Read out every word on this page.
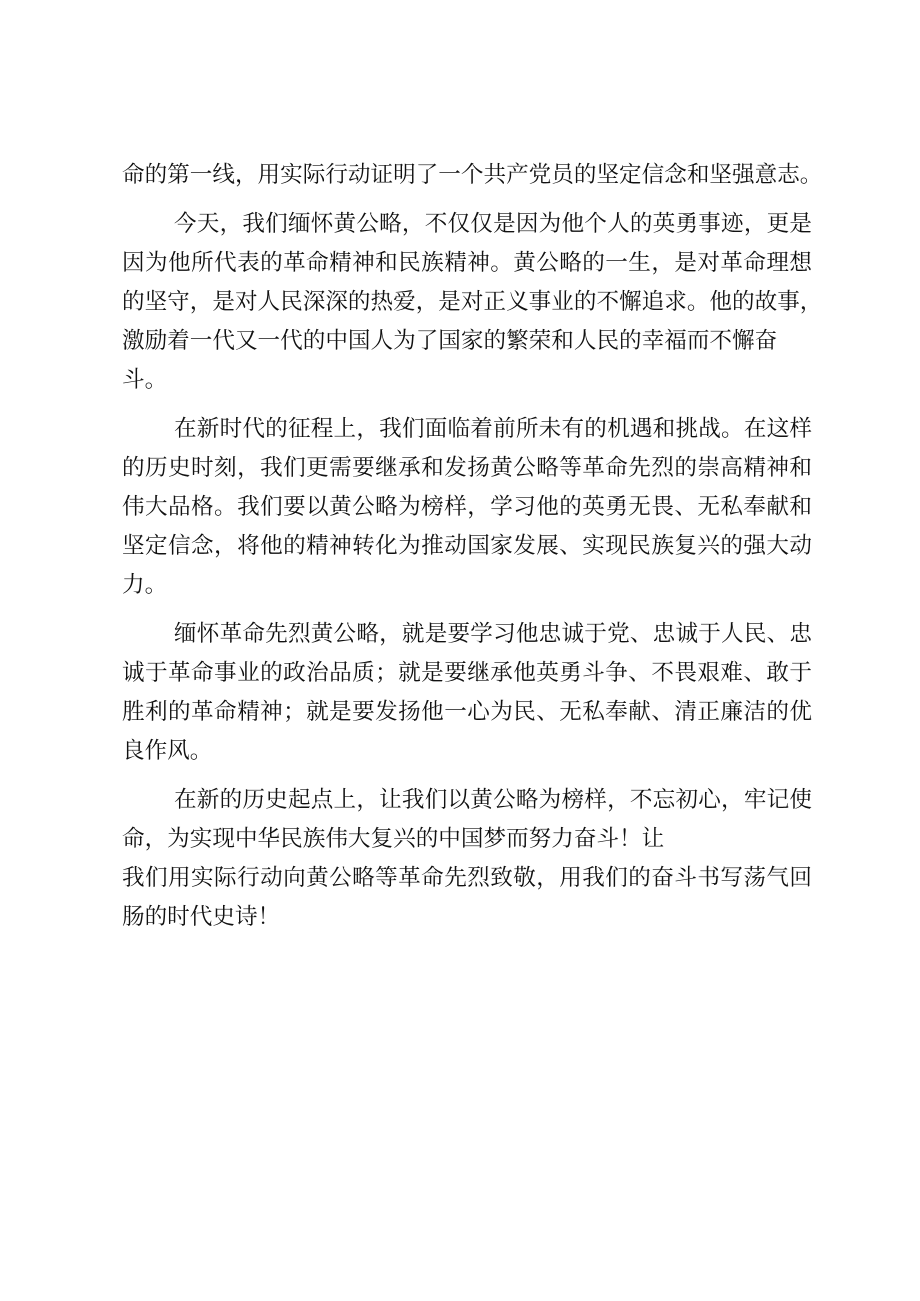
命的第一线，用实际行动证明了一个共产党员的坚定信念和坚强意志。
今天，我们缅怀黄公略，不仅仅是因为他个人的英勇事迹，更是
因为他所代表的革命精神和民族精神。黄公略的一生，是对革命理想
的坚守，是对人民深深的热爱，是对正义事业的不懈追求。他的故事，
激励着一代又一代的中国人为了国家的繁荣和人民的幸福而不懈奋
斗。
在新时代的征程上，我们面临着前所未有的机遇和挑战。在这样
的历史时刻，我们更需要继承和发扬黄公略等革命先烈的崇高精神和
伟大品格。我们要以黄公略为榜样，学习他的英勇无畏、无私奉献和
坚定信念，将他的精神转化为推动国家发展、实现民族复兴的强大动
力。
缅怀革命先烈黄公略，就是要学习他忠诚于党、忠诚于人民、忠
诚于革命事业的政治品质；就是要继承他英勇斗争、不畏艰难、敢于
胜利的革命精神；就是要发扬他一心为民、无私奉献、清正廉洁的优
良作风。
在新的历史起点上，让我们以黄公略为榜样，不忘初心，牢记使
命，为实现中华民族伟大复兴的中国梦而努力奋斗！让
我们用实际行动向黄公略等革命先烈致敬，用我们的奋斗书写荡气回
肠的时代史诗！
